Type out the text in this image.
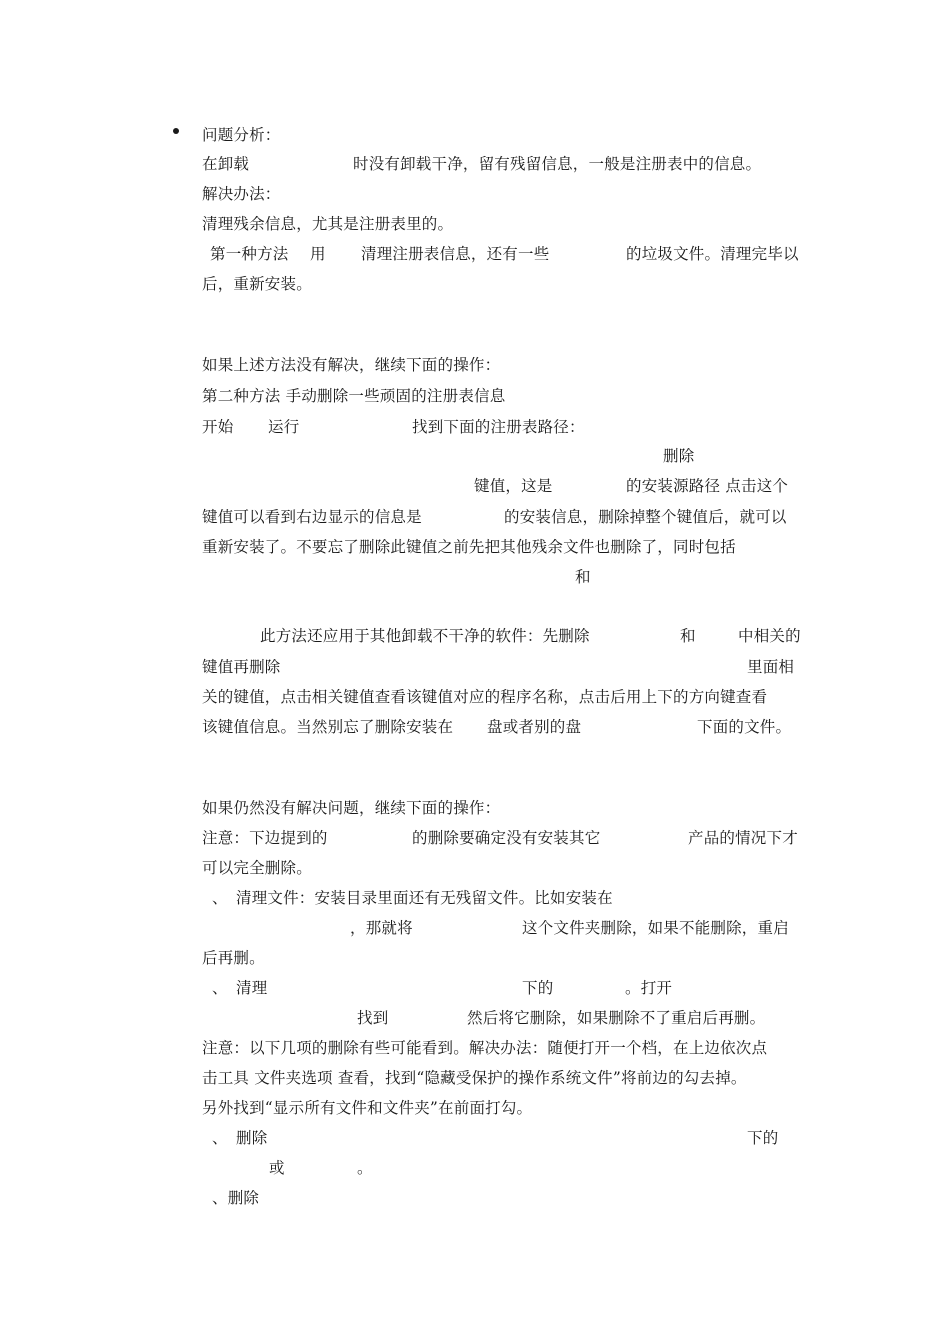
问题分析：
在卸载	时没有卸载干净，留有残留信息，一般是注册表中的信息。
解决办法：
清理残余信息，尤其是注册表里的。
第一种方法 用 清理注册表信息，还有一些	的垃圾文件。清理完毕以
后，重新安装。
如果上述方法没有解决，继续下面的操作：
第二种方法 手动删除一些顽固的注册表信息
开始 运行	找到下面的注册表路径：
删除
键值，这是	的安装源路径 点击这个
键值可以看到右边显示的信息是	的安装信息，删除掉整个键值后，就可以
重新安装了。不要忘了删除此键值之前先把其他残余文件也删除了，同时包括
和
此方法还应用于其他卸载不干净的软件：先删除	和	中相关的
键值再删除	里面相
关的键值，点击相关键值查看该键值对应的程序名称，点击后用上下的方向键查看
该键值信息。当然别忘了删除安装在 盘或者别的盘	下面的文件。
如果仍然没有解决问题，继续下面的操作：
注意：下边提到的	的删除要确定没有安装其它	产品的情况下才
可以完全删除。
、 清理文件：安装目录里面还有无残留文件。比如安装在
，那就将	这个文件夹删除，如果不能删除，重启
后再删。
、 清理	下的	。打开
找到	然后将它删除，如果删除不了重启后再删。
注意：以下几项的删除有些可能看到。解决办法：随便打开一个档，在上边依次点
击工具 文件夹选项 查看，找到“隐藏受保护的操作系统文件”将前边的勾去掉。
另外找到“显示所有文件和文件夹”在前面打勾。
、 删除	下的
或	。
、删除
